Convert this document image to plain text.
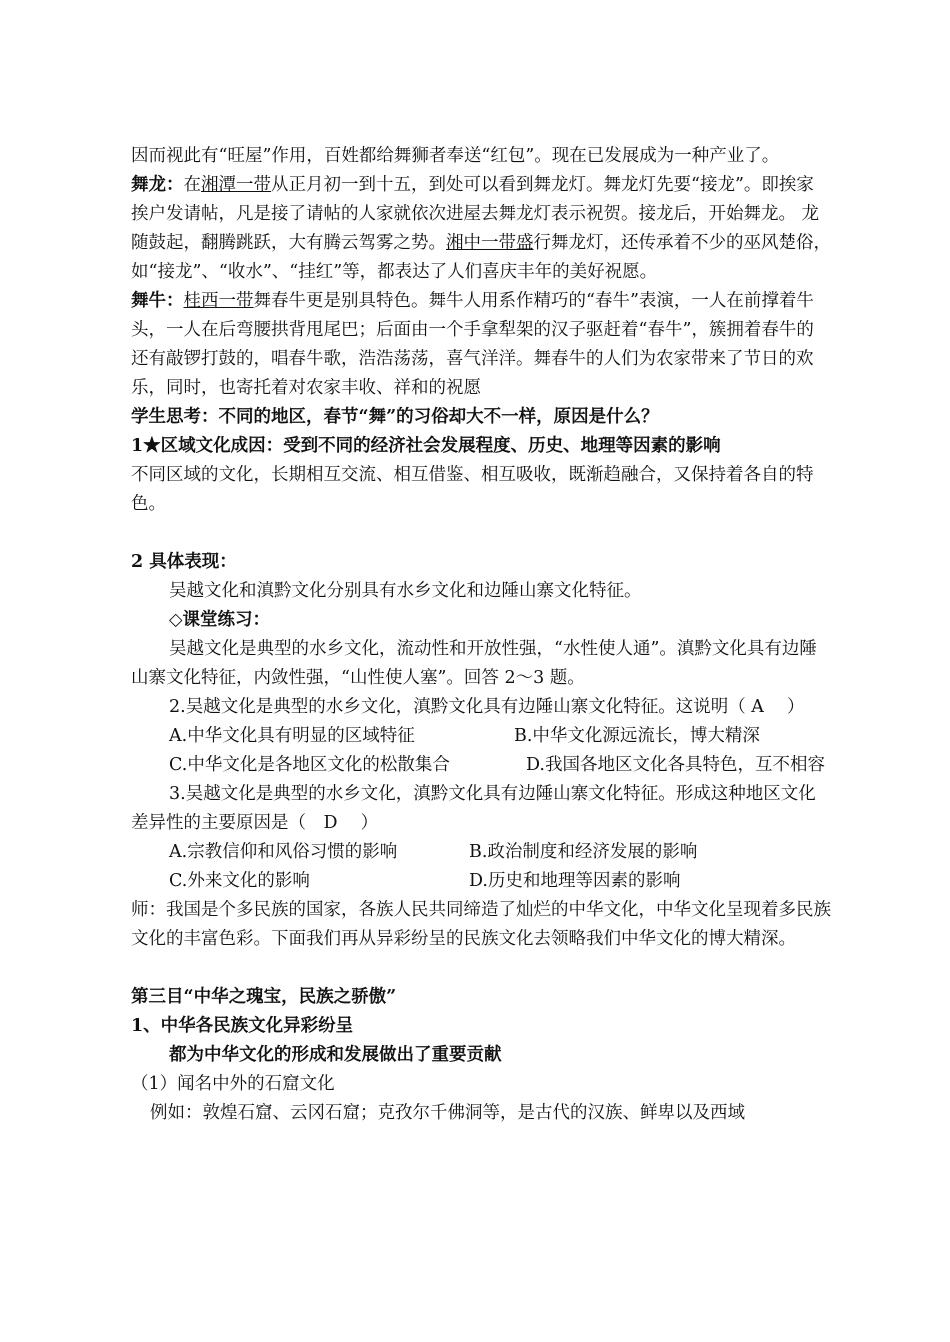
因而视此有“旺屋”作用，百姓都给舞狮者奉送“红包”。现在已发展成为一种产业了。

舞龙：在湘潭一带从正月初一到十五，到处可以看到舞龙灯。舞龙灯先要“接龙”。即挨家挨户发请帖，凡是接了请帖的人家就依次进屋去舞龙灯表示祝贺。接龙后，开始舞龙。 龙随鼓起，翻腾跳跃，大有腾云驾雾之势。湘中一带盛行舞龙灯，还传承着不少的巫风楚俗，如“接龙”、“收水”、“挂红”等，都表达了人们喜庆丰年的美好祝愿。

舞牛：桂西一带舞春牛更是别具特色。舞牛人用系作精巧的“春牛”表演，一人在前撑着牛头，一人在后弯腰拱背甩尾巴；后面由一个手拿犁架的汉子驱赶着“春牛”，簇拥着春牛的还有敲锣打鼓的，唱春牛歌，浩浩荡荡，喜气洋洋。舞春牛的人们为农家带来了节日的欢乐，同时，也寄托着对农家丰收、祥和的祝愿

学生思考：不同的地区，春节“舞”的习俗却大不一样，原因是什么？

1★区域文化成因：受到不同的经济社会发展程度、历史、地理等因素的影响

不同区域的文化，长期相互交流、相互借鉴、相互吸收，既渐趋融合，又保持着各自的特色。

2 具体表现：

吴越文化和滇黔文化分别具有水乡文化和边陲山寨文化特征。

◇课堂练习：

吴越文化是典型的水乡文化，流动性和开放性强，“水性使人通”。滇黔文化具有边陲山寨文化特征，内敛性强，“山性使人塞”。回答 2～3 题。

2.吴越文化是典型的水乡文化，滇黔文化具有边陲山寨文化特征。这说明（ A　 ）

A.中华文化具有明显的区域特征	B.中华文化源远流长，博大精深

C.中华文化是各地区文化的松散集合	D.我国各地区文化各具特色，互不相容

3.吴越文化是典型的水乡文化，滇黔文化具有边陲山寨文化特征。形成这种地区文化差异性的主要原因是（　D　 ）

A.宗教信仰和风俗习惯的影响	B.政治制度和经济发展的影响

C.外来文化的影响	D.历史和地理等因素的影响

师：我国是个多民族的国家，各族人民共同缔造了灿烂的中华文化，中华文化呈现着多民族文化的丰富色彩。下面我们再从异彩纷呈的民族文化去领略我们中华文化的博大精深。

第三目“中华之瑰宝，民族之骄傲”

1、中华各民族文化异彩纷呈

都为中华文化的形成和发展做出了重要贡献

（1）闻名中外的石窟文化

例如：敦煌石窟、云冈石窟；克孜尔千佛洞等，是古代的汉族、鲜卑以及西域
